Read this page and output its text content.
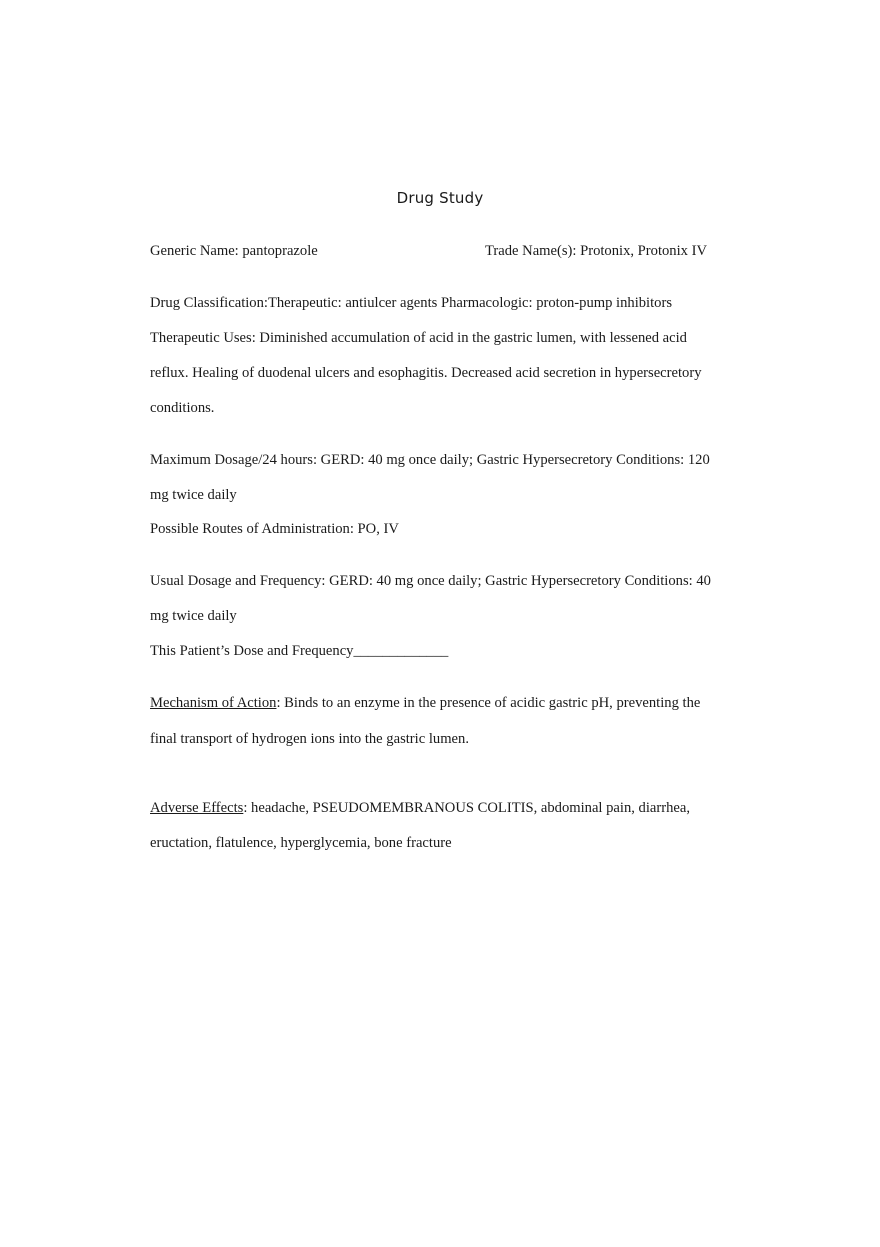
Drug Study
Generic Name: pantoprazole	Trade Name(s): Protonix, Protonix IV
Drug Classification:Therapeutic: antiulcer agents Pharmacologic: proton-pump inhibitors
Therapeutic Uses: Diminished accumulation of acid in the gastric lumen, with lessened acid
reflux. Healing of duodenal ulcers and esophagitis. Decreased acid secretion in hypersecretory
conditions.
Maximum Dosage/24 hours: GERD: 40 mg once daily; Gastric Hypersecretory Conditions: 120
mg twice daily
Possible Routes of Administration: PO, IV
Usual Dosage and Frequency: GERD: 40 mg once daily; Gastric Hypersecretory Conditions: 40
mg twice daily
This Patient’s Dose and Frequency_____________
Mechanism of Action: Binds to an enzyme in the presence of acidic gastric pH, preventing the
final transport of hydrogen ions into the gastric lumen.
Adverse Effects: headache, PSEUDOMEMBRANOUS COLITIS, abdominal pain, diarrhea,
eructation, flatulence, hyperglycemia, bone fracture
